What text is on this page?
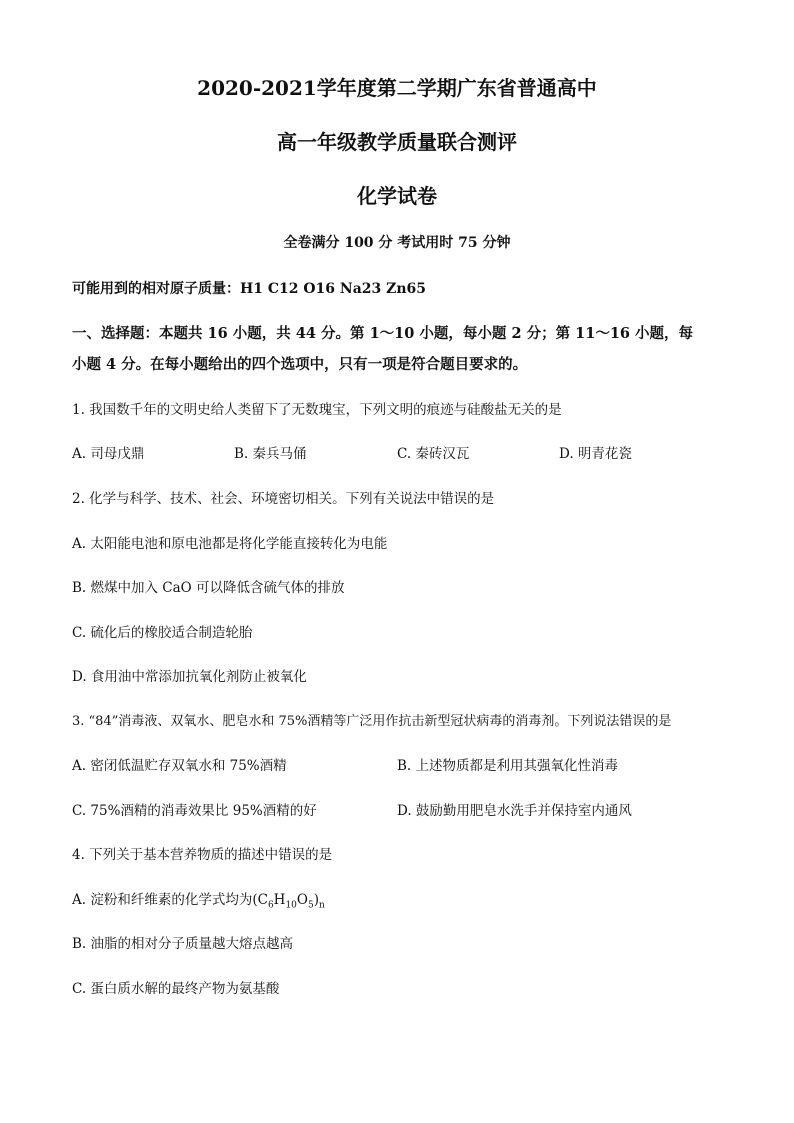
2020-2021学年度第二学期广东省普通高中
高一年级教学质量联合测评
化学试卷
全卷满分 100 分 考试用时 75 分钟
可能用到的相对原子质量：H1 C12 O16 Na23 Zn65
一、选择题：本题共 16 小题，共 44 分。第 1～10 小题，每小题 2 分；第 11～16 小题，每
小题 4 分。在每小题给出的四个选项中，只有一项是符合题目要求的。
1. 我国数千年的文明史给人类留下了无数瑰宝，下列文明的痕迹与硅酸盐无关的是
A. 司母戊鼎	B. 秦兵马俑	C. 秦砖汉瓦	D. 明青花瓷
2. 化学与科学、技术、社会、环境密切相关。下列有关说法中错误的是
A. 太阳能电池和原电池都是将化学能直接转化为电能
B. 燃煤中加入 CaO 可以降低含硫气体的排放
C. 硫化后的橡胶适合制造轮胎
D. 食用油中常添加抗氧化剂防止被氧化
3. “84”消毒液、双氧水、肥皂水和 75%酒精等广泛用作抗击新型冠状病毒的消毒剂。下列说法错误的是
A. 密闭低温贮存双氧水和 75%酒精	B. 上述物质都是利用其强氧化性消毒
C. 75%酒精的消毒效果比 95%酒精的好	D. 鼓励勤用肥皂水洗手并保持室内通风
4. 下列关于基本营养物质的描述中错误的是
A. 淀粉和纤维素的化学式均为$(C_6H_{10}O_5)_n$
B. 油脂的相对分子质量越大熔点越高
C. 蛋白质水解的最终产物为氨基酸
